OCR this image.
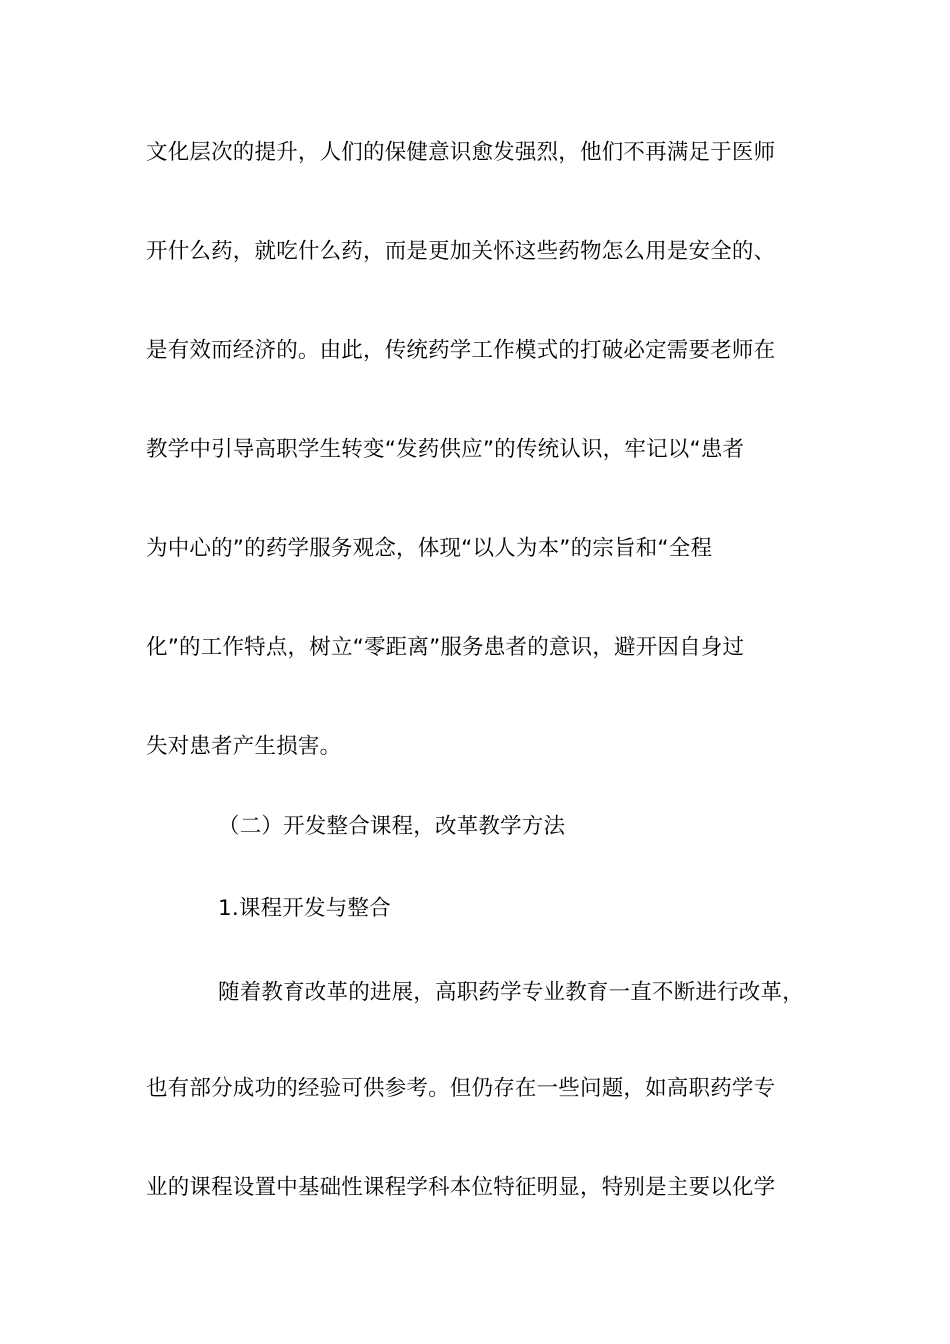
文化层次的提升，人们的保健意识愈发强烈，他们不再满足于医师
开什么药，就吃什么药，而是更加关怀这些药物怎么用是安全的、
是有效而经济的。由此，传统药学工作模式的打破必定需要老师在
教学中引导高职学生转变“发药供应”的传统认识，牢记以“患者
为中心的”的药学服务观念，体现“以人为本”的宗旨和“全程
化”的工作特点，树立“零距离”服务患者的意识，避开因自身过
失对患者产生损害。
（二）开发整合课程，改革教学方法
1.课程开发与整合
随着教育改革的进展，高职药学专业教育一直不断进行改革，
也有部分成功的经验可供参考。但仍存在一些问题，如高职药学专
业的课程设置中基础性课程学科本位特征明显，特别是主要以化学
